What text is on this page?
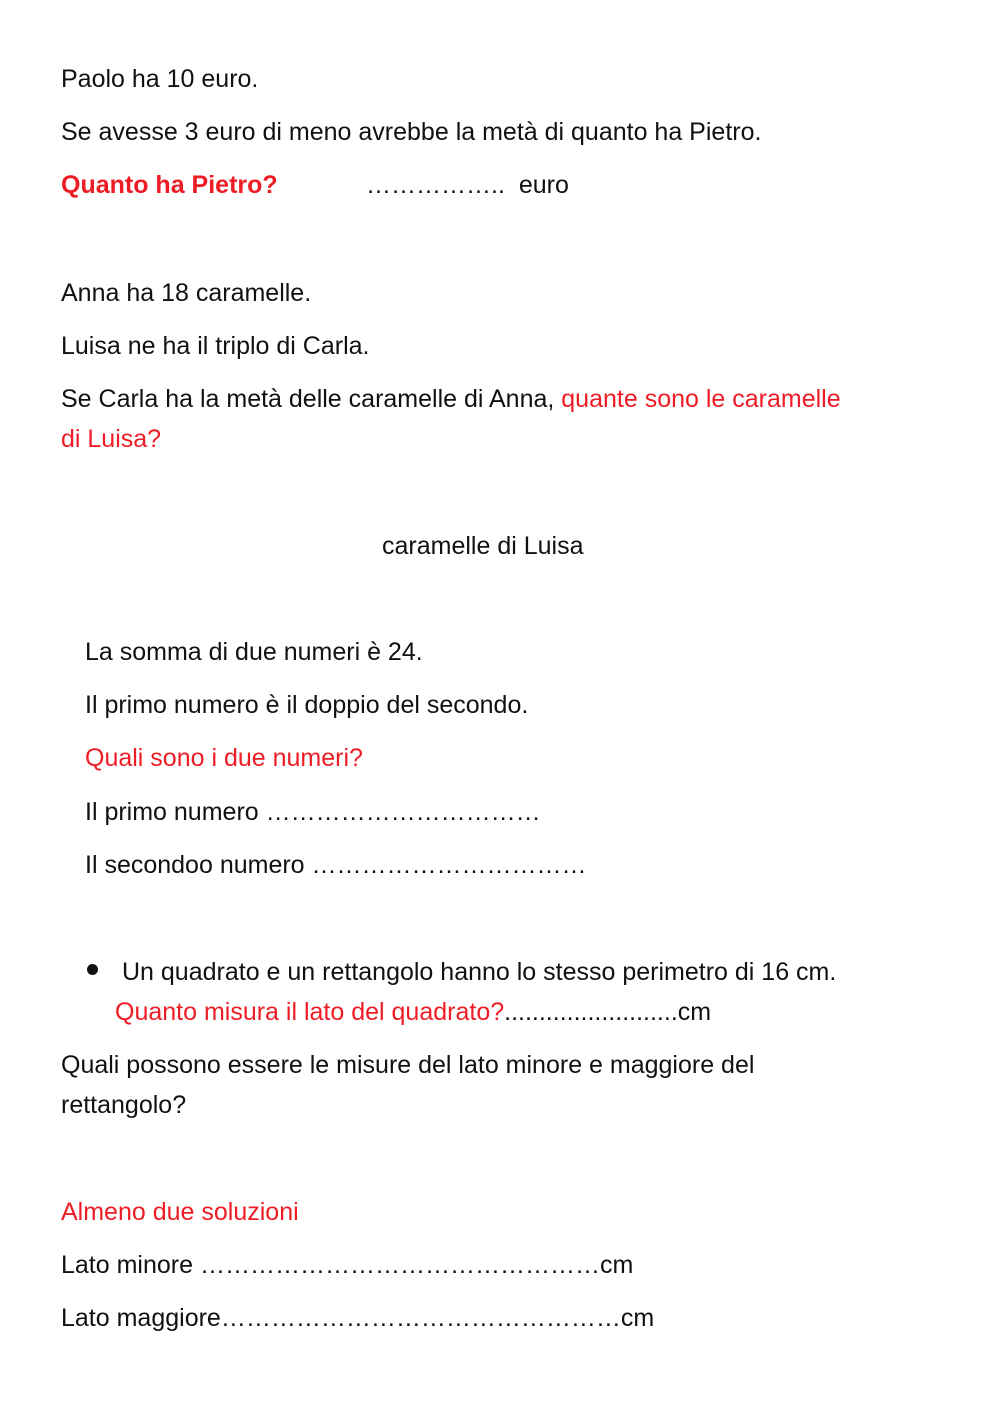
Paolo ha 10 euro.
Se avesse 3 euro di meno avrebbe la metà di quanto ha Pietro.
Quanto ha Pietro?	…………….. euro
Anna ha 18 caramelle.
Luisa ne ha il triplo di Carla.
Se Carla ha la metà delle caramelle di Anna, quante sono le caramelle
di Luisa?
caramelle di Luisa
La somma di due numeri è 24.
Il primo numero è il doppio del secondo.
Quali sono i due numeri?
Il primo numero ……………………………
Il secondoo numero ……………………………
Un quadrato e un rettangolo hanno lo stesso perimetro di 16 cm.
Quanto misura il lato del quadrato?.........................cm
Quali possono essere le misure del lato minore e maggiore del
rettangolo?
Almeno due soluzioni
Lato minore …………………………………………cm
Lato maggiore…………………………………………cm
